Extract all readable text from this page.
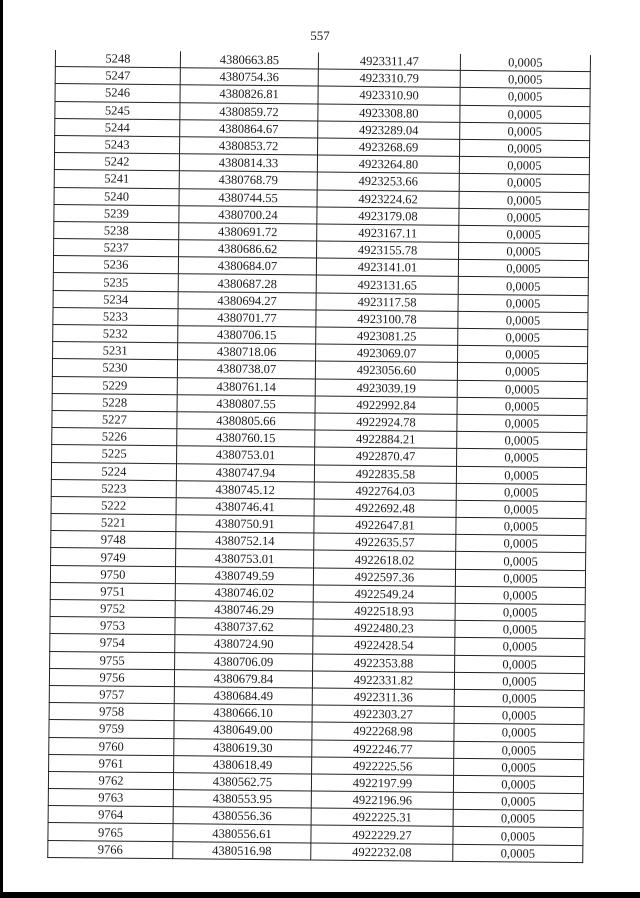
557
5248	4380663.85	4923311.47	0,0005
5247	4380754.36	4923310.79	0,0005
5246	4380826.81	4923310.90	0,0005
5245	4380859.72	4923308.80	0,0005
5244	4380864.67	4923289.04	0,0005
5243	4380853.72	4923268.69	0,0005
5242	4380814.33	4923264.80	0,0005
5241	4380768.79	4923253.66	0,0005
5240	4380744.55	4923224.62	0,0005
5239	4380700.24	4923179.08	0,0005
5238	4380691.72	4923167.11	0,0005
5237	4380686.62	4923155.78	0,0005
5236	4380684.07	4923141.01	0,0005
5235	4380687.28	4923131.65	0,0005
5234	4380694.27	4923117.58	0,0005
5233	4380701.77	4923100.78	0,0005
5232	4380706.15	4923081.25	0,0005
5231	4380718.06	4923069.07	0,0005
5230	4380738.07	4923056.60	0,0005
5229	4380761.14	4923039.19	0,0005
5228	4380807.55	4922992.84	0,0005
5227	4380805.66	4922924.78	0,0005
5226	4380760.15	4922884.21	0,0005
5225	4380753.01	4922870.47	0,0005
5224	4380747.94	4922835.58	0,0005
5223	4380745.12	4922764.03	0,0005
5222	4380746.41	4922692.48	0,0005
5221	4380750.91	4922647.81	0,0005
9748	4380752.14	4922635.57	0,0005
9749	4380753.01	4922618.02	0,0005
9750	4380749.59	4922597.36	0,0005
9751	4380746.02	4922549.24	0,0005
9752	4380746.29	4922518.93	0,0005
9753	4380737.62	4922480.23	0,0005
9754	4380724.90	4922428.54	0,0005
9755	4380706.09	4922353.88	0,0005
9756	4380679.84	4922331.82	0,0005
9757	4380684.49	4922311.36	0,0005
9758	4380666.10	4922303.27	0,0005
9759	4380649.00	4922268.98	0,0005
9760	4380619.30	4922246.77	0,0005
9761	4380618.49	4922225.56	0,0005
9762	4380562.75	4922197.99	0,0005
9763	4380553.95	4922196.96	0,0005
9764	4380556.36	4922225.31	0,0005
9765	4380556.61	4922229.27	0,0005
9766	4380516.98	4922232.08	0,0005
